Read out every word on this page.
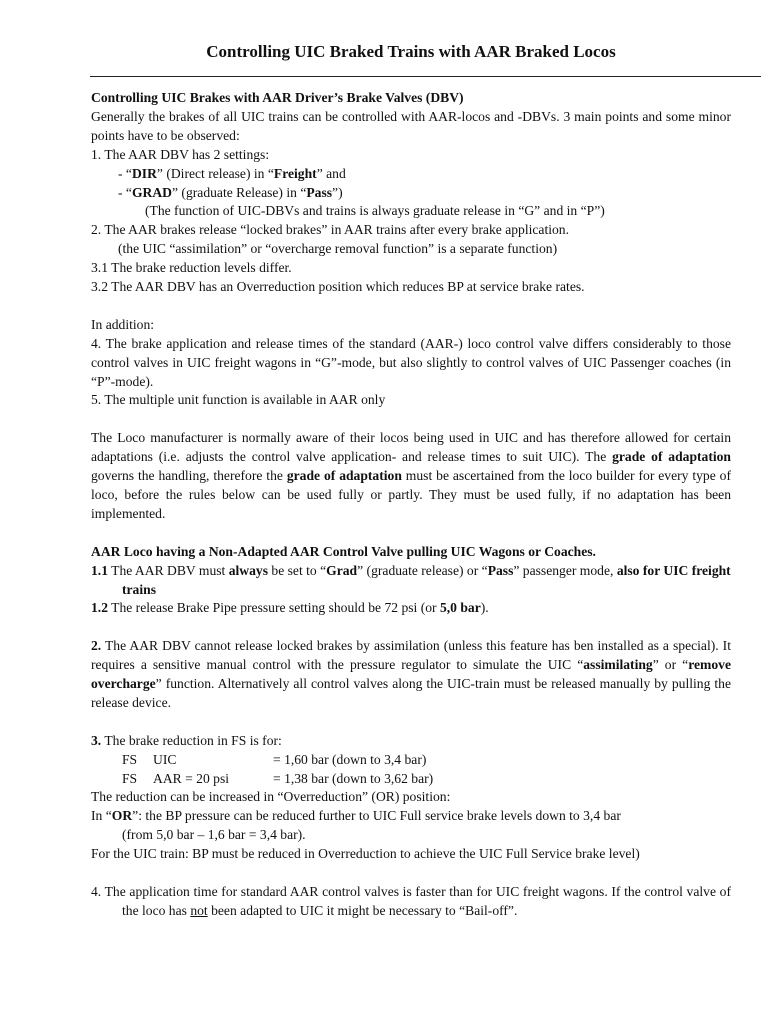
Controlling UIC Braked Trains with AAR Braked Locos

Controlling UIC Brakes with AAR Driver’s Brake Valves (DBV)

Generally the brakes of all UIC trains can be controlled with AAR-locos and -DBVs. 3 main points and some minor points have to be observed:

1. The AAR DBV has 2 settings:

- “DIR” (Direct release) in “Freight” and

- “GRAD” (graduate Release) in “Pass”)

(The function of UIC-DBVs and trains is always graduate release in “G” and in “P”)

2. The AAR brakes release “locked brakes” in AAR trains after every brake application.

(the UIC “assimilation” or “overcharge removal function” is a separate function)

3.1 The brake reduction levels differ.

3.2 The AAR DBV has an Overreduction position which reduces BP at service brake rates.

In addition:

4. The brake application and release times of the standard (AAR-) loco control valve differs considerably to those control valves in UIC freight wagons in “G”-mode, but also slightly to control valves of UIC Passenger coaches (in “P”-mode).

5. The multiple unit function is available in AAR only

The Loco manufacturer is normally aware of their locos being used in UIC and has therefore allowed for certain adaptations (i.e. adjusts the control valve application- and release times to suit UIC). The grade of adaptation governs the handling, therefore the grade of adaptation must be ascertained from the loco builder for every type of loco, before the rules below can be used fully or partly. They must be used fully, if no adaptation has been implemented.

AAR Loco having a Non-Adapted AAR Control Valve pulling UIC Wagons or Coaches.

1.1 The AAR DBV must always be set to “Grad” (graduate release) or “Pass” passenger mode, also for UIC freight trains

1.2 The release Brake Pipe pressure setting should be 72 psi (or 5,0 bar).

2. The AAR DBV cannot release locked brakes by assimilation (unless this feature has ben installed as a special). It requires a sensitive manual control with the pressure regulator to simulate the UIC “assimilating” or “remove overcharge” function. Alternatively all control valves along the UIC-train must be released manually by pulling the release device.

3. The brake reduction in FS is for:

FS	UIC	= 1,60 bar (down to 3,4 bar)
FS	AAR = 20 psi	= 1,38 bar (down to 3,62 bar)

The reduction can be increased in “Overreduction” (OR) position:

In “OR”: the BP pressure can be reduced further to UIC Full service brake levels down to 3,4 bar

(from 5,0 bar – 1,6 bar = 3,4 bar).

For the UIC train: BP must be reduced in Overreduction to achieve the UIC Full Service brake level)

4. The application time for standard AAR control valves is faster than for UIC freight wagons. If the control valve of the loco has not been adapted to UIC it might be necessary to “Bail-off”.
